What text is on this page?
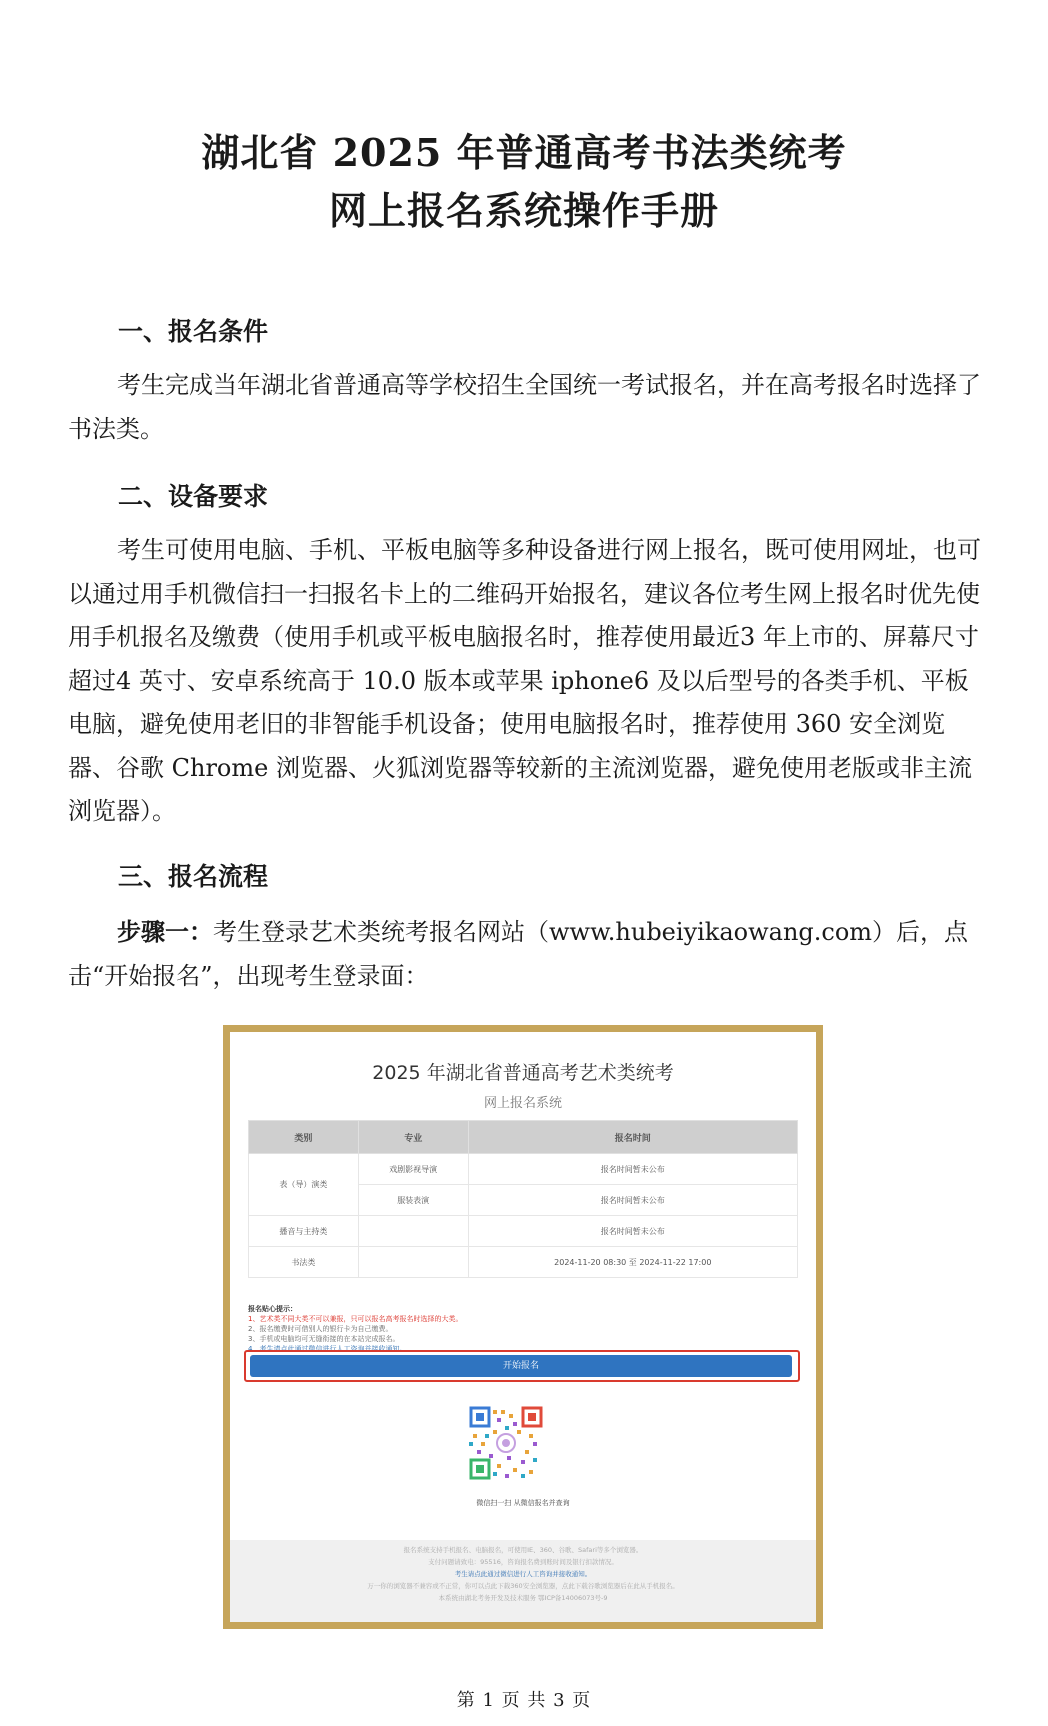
湖北省 2025 年普通高考书法类统考
网上报名系统操作手册
一、报名条件

考生完成当年湖北省普通高等学校招生全国统一考试报名，并在高考报名时选择了书法类。

二、设备要求

考生可使用电脑、手机、平板电脑等多种设备进行网上报名，既可使用网址，也可以通过用手机微信扫一扫报名卡上的二维码开始报名，建议各位考生网上报名时优先使用手机报名及缴费（使用手机或平板电脑报名时，推荐使用最近3 年上市的、屏幕尺寸超过4 英寸、安卓系统高于 10.0 版本或苹果 iphone6 及以后型号的各类手机、平板电脑，避免使用老旧的非智能手机设备；使用电脑报名时，推荐使用 360 安全浏览器、谷歌 Chrome 浏览器、火狐浏览器等较新的主流浏览器，避免使用老版或非主流浏览器）。

三、报名流程

步骤一：考生登录艺术类统考报名网站（www.hubeiyikaowang.com）后，点击“开始报名”，出现考生登录面：

2025 年湖北省普通高考艺术类统考

网上报名系统

类别	专业	报名时间
表（导）演类	戏剧影视导演	报名时间暂未公布
	服装表演	报名时间暂未公布
播音与主持类		报名时间暂未公布
书法类		2024-11-20 08:30 至 2024-11-22 17:00
报名贴心提示：
1、艺术类不同大类不可以兼报，只可以报名高考报名时选择的大类。
2、报名缴费时可借别人的银行卡为自己缴费。
3、手机或电脑均可无缝衔接的在本站完成报名。
4、考生请点此通过微信进行人工咨询并接收通知。
开始报名

微信扫一扫 从微信报名并查询

报名系统支持手机报名、电脑报名，可使用IE、360、谷歌、Safari等多个浏览器。
支付问题请致电：95516，咨询报名费到账时间及银行扣款情况。
考生请点此通过微信进行人工咨询并接收通知。
万一你的浏览器不兼容或不正常，你可以点此下载360安全浏览器，点此下载谷歌浏览器后在此从手机报名。
本系统由湖北考务开发及技术服务 鄂ICP备14006073号-9

第 1 页 共 3 页
